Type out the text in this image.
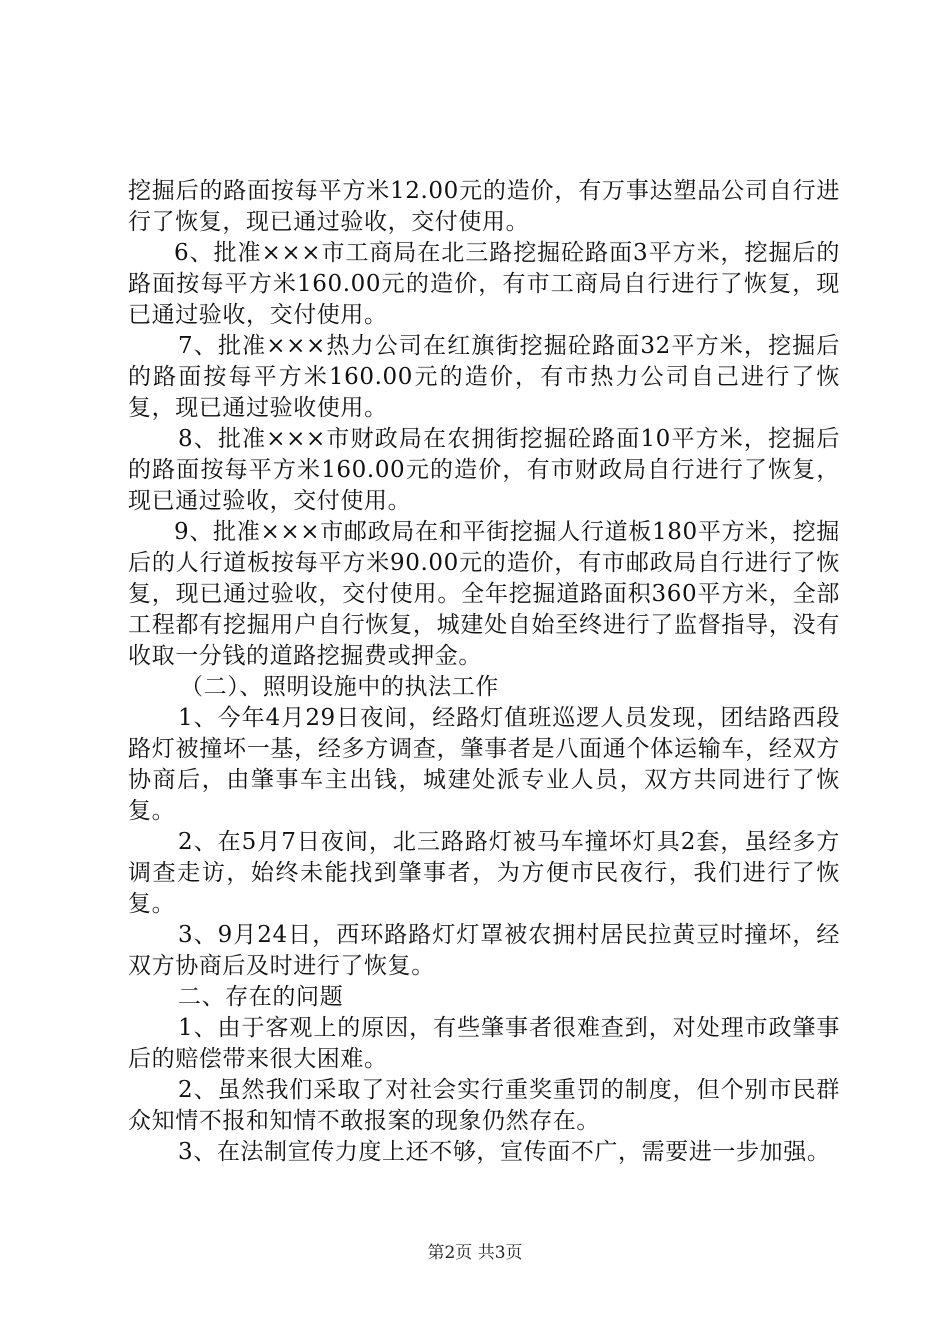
挖掘后的路面按每平方米12.00元的造价，有万事达塑品公司自行进行了恢复，现已通过验收，交付使用。

6、批准×××市工商局在北三路挖掘砼路面3平方米，挖掘后的路面按每平方米160.00元的造价，有市工商局自行进行了恢复，现已通过验收，交付使用。

7、批准×××热力公司在红旗街挖掘砼路面32平方米，挖掘后的路面按每平方米160.00元的造价，有市热力公司自己进行了恢复，现已通过验收使用。

8、批准×××市财政局在农拥街挖掘砼路面10平方米，挖掘后的路面按每平方米160.00元的造价，有市财政局自行进行了恢复，现已通过验收，交付使用。

9、批准×××市邮政局在和平街挖掘人行道板180平方米，挖掘后的人行道板按每平方米90.00元的造价，有市邮政局自行进行了恢复，现已通过验收，交付使用。全年挖掘道路面积360平方米，全部工程都有挖掘用户自行恢复，城建处自始至终进行了监督指导，没有收取一分钱的道路挖掘费或押金。

（二）、照明设施中的执法工作

1、今年4月29日夜间，经路灯值班巡逻人员发现，团结路西段路灯被撞坏一基，经多方调查，肇事者是八面通个体运输车，经双方协商后，由肇事车主出钱，城建处派专业人员，双方共同进行了恢复。

2、在5月7日夜间，北三路路灯被马车撞坏灯具2套，虽经多方调查走访，始终未能找到肇事者，为方便市民夜行，我们进行了恢复。

3、9月24日，西环路路灯灯罩被农拥村居民拉黄豆时撞坏，经双方协商后及时进行了恢复。

二、存在的问题

1、由于客观上的原因，有些肇事者很难查到，对处理市政肇事后的赔偿带来很大困难。

2、虽然我们采取了对社会实行重奖重罚的制度，但个别市民群众知情不报和知情不敢报案的现象仍然存在。

3、在法制宣传力度上还不够，宣传面不广，需要进一步加强。

第2页 共3页
